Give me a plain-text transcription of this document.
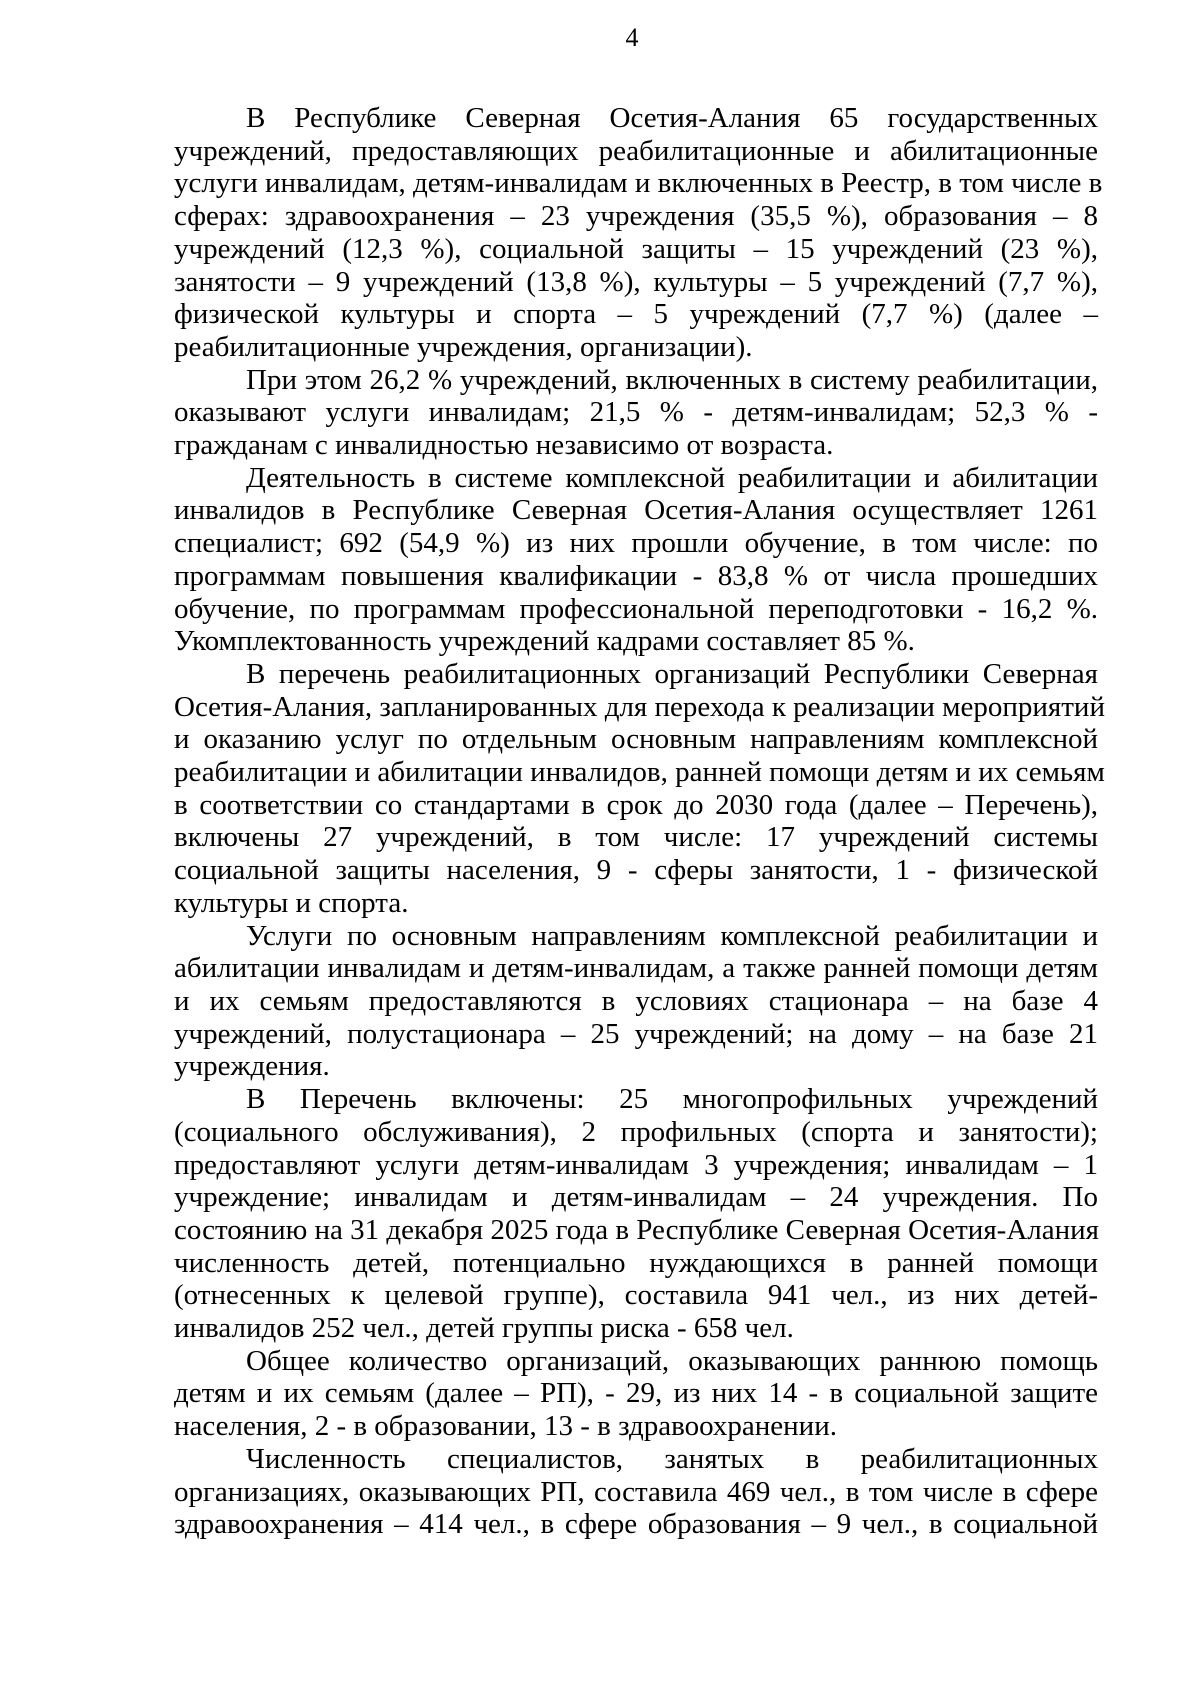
4
В Республике Северная Осетия-Алания 65 государственных
учреждений, предоставляющих реабилитационные и абилитационные
услуги инвалидам, детям-инвалидам и включенных в Реестр, в том числе в
сферах: здравоохранения – 23 учреждения (35,5 %), образования – 8
учреждений (12,3 %), социальной защиты – 15 учреждений (23 %),
занятости – 9 учреждений (13,8 %), культуры – 5 учреждений (7,7 %),
физической культуры и спорта – 5 учреждений (7,7 %) (далее –
реабилитационные учреждения, организации).
При этом 26,2 % учреждений, включенных в систему реабилитации,
оказывают услуги инвалидам; 21,5 % - детям-инвалидам; 52,3 % -
гражданам с инвалидностью независимо от возраста.
Деятельность в системе комплексной реабилитации и абилитации
инвалидов в Республике Северная Осетия-Алания осуществляет 1261
специалист; 692 (54,9 %) из них прошли обучение, в том числе: по
программам повышения квалификации - 83,8 % от числа прошедших
обучение, по программам профессиональной переподготовки - 16,2 %.
Укомплектованность учреждений кадрами составляет 85 %.
В перечень реабилитационных организаций Республики Северная
Осетия-Алания, запланированных для перехода к реализации мероприятий
и оказанию услуг по отдельным основным направлениям комплексной
реабилитации и абилитации инвалидов, ранней помощи детям и их семьям
в соответствии со стандартами в срок до 2030 года (далее – Перечень),
включены 27 учреждений, в том числе: 17 учреждений системы
социальной защиты населения, 9 - сферы занятости, 1 - физической
культуры и спорта.
Услуги по основным направлениям комплексной реабилитации и
абилитации инвалидам и детям-инвалидам, а также ранней помощи детям
и их семьям предоставляются в условиях стационара – на базе 4
учреждений, полустационара – 25 учреждений; на дому – на базе 21
учреждения.
В Перечень включены: 25 многопрофильных учреждений
(социального обслуживания), 2 профильных (спорта и занятости);
предоставляют услуги детям-инвалидам 3 учреждения; инвалидам – 1
учреждение; инвалидам и детям-инвалидам – 24 учреждения. По
состоянию на 31 декабря 2025 года в Республике Северная Осетия-Алания
численность детей, потенциально нуждающихся в ранней помощи
(отнесенных к целевой группе), составила 941 чел., из них детей-
инвалидов 252 чел., детей группы риска - 658 чел.
Общее количество организаций, оказывающих раннюю помощь
детям и их семьям (далее – РП), - 29, из них 14 - в социальной защите
населения, 2 - в образовании, 13 - в здравоохранении.
Численность специалистов, занятых в реабилитационных
организациях, оказывающих РП, составила 469 чел., в том числе в сфере
здравоохранения – 414 чел., в сфере образования – 9 чел., в социальной
